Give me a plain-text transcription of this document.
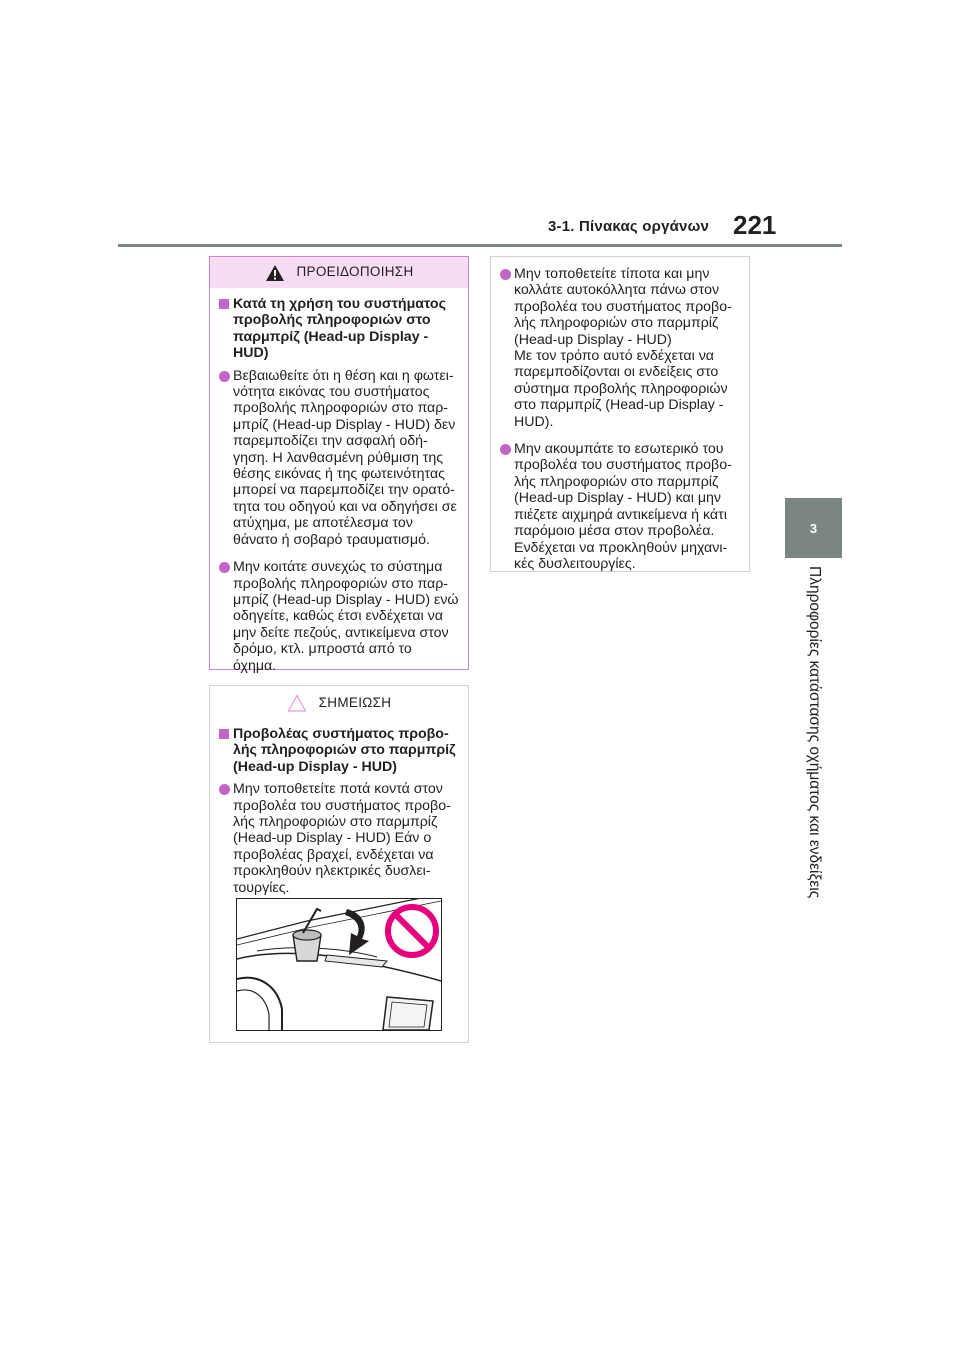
3-1. Πίνακας οργάνων 221
3
Πληροφορίες κατάστασης οχήματος και ενδείξεις
ΠΡΟΕΙΔΟΠΟΙΗΣΗ
Κατά τη χρήση του συστήματος
προβολής πληροφοριών στο
παρμπρίζ (Head-up Display -
HUD)
Βεβαιωθείτε ότι η θέση και η φωτει-
νότητα εικόνας του συστήματος
προβολής πληροφοριών στο παρ-
μπρίζ (Head-up Display - HUD) δεν
παρεμποδίζει την ασφαλή οδή-
γηση. Η λανθασμένη ρύθμιση της
θέσης εικόνας ή της φωτεινότητας
μπορεί να παρεμποδίζει την ορατό-
τητα του οδηγού και να οδηγήσει σε
ατύχημα, με αποτέλεσμα τον
θάνατο ή σοβαρό τραυματισμό.
Μην κοιτάτε συνεχώς το σύστημα
προβολής πληροφοριών στο παρ-
μπρίζ (Head-up Display - HUD) ενώ
οδηγείτε, καθώς έτσι ενδέχεται να
μην δείτε πεζούς, αντικείμενα στον
δρόμο, κτλ. μπροστά από το
όχημα.
ΣΗΜΕΙΩΣΗ
Προβολέας συστήματος προβο-
λής πληροφοριών στο παρμπρίζ
(Head-up Display - HUD)
Μην τοποθετείτε ποτά κοντά στον
προβολέα του συστήματος προβο-
λής πληροφοριών στο παρμπρίζ
(Head-up Display - HUD) Εάν ο
προβολέας βραχεί, ενδέχεται να
προκληθούν ηλεκτρικές δυσλει-
τουργίες.
Μην τοποθετείτε τίποτα και μην
κολλάτε αυτοκόλλητα πάνω στον
προβολέα του συστήματος προβο-
λής πληροφοριών στο παρμπρίζ
(Head-up Display - HUD)
Με τον τρόπο αυτό ενδέχεται να
παρεμποδίζονται οι ενδείξεις στο
σύστημα προβολής πληροφοριών
στο παρμπρίζ (Head-up Display -
HUD).
Μην ακουμπάτε το εσωτερικό του
προβολέα του συστήματος προβο-
λής πληροφοριών στο παρμπρίζ
(Head-up Display - HUD) και μην
πιέζετε αιχμηρά αντικείμενα ή κάτι
παρόμοιο μέσα στον προβολέα.
Ενδέχεται να προκληθούν μηχανι-
κές δυσλειτουργίες.
